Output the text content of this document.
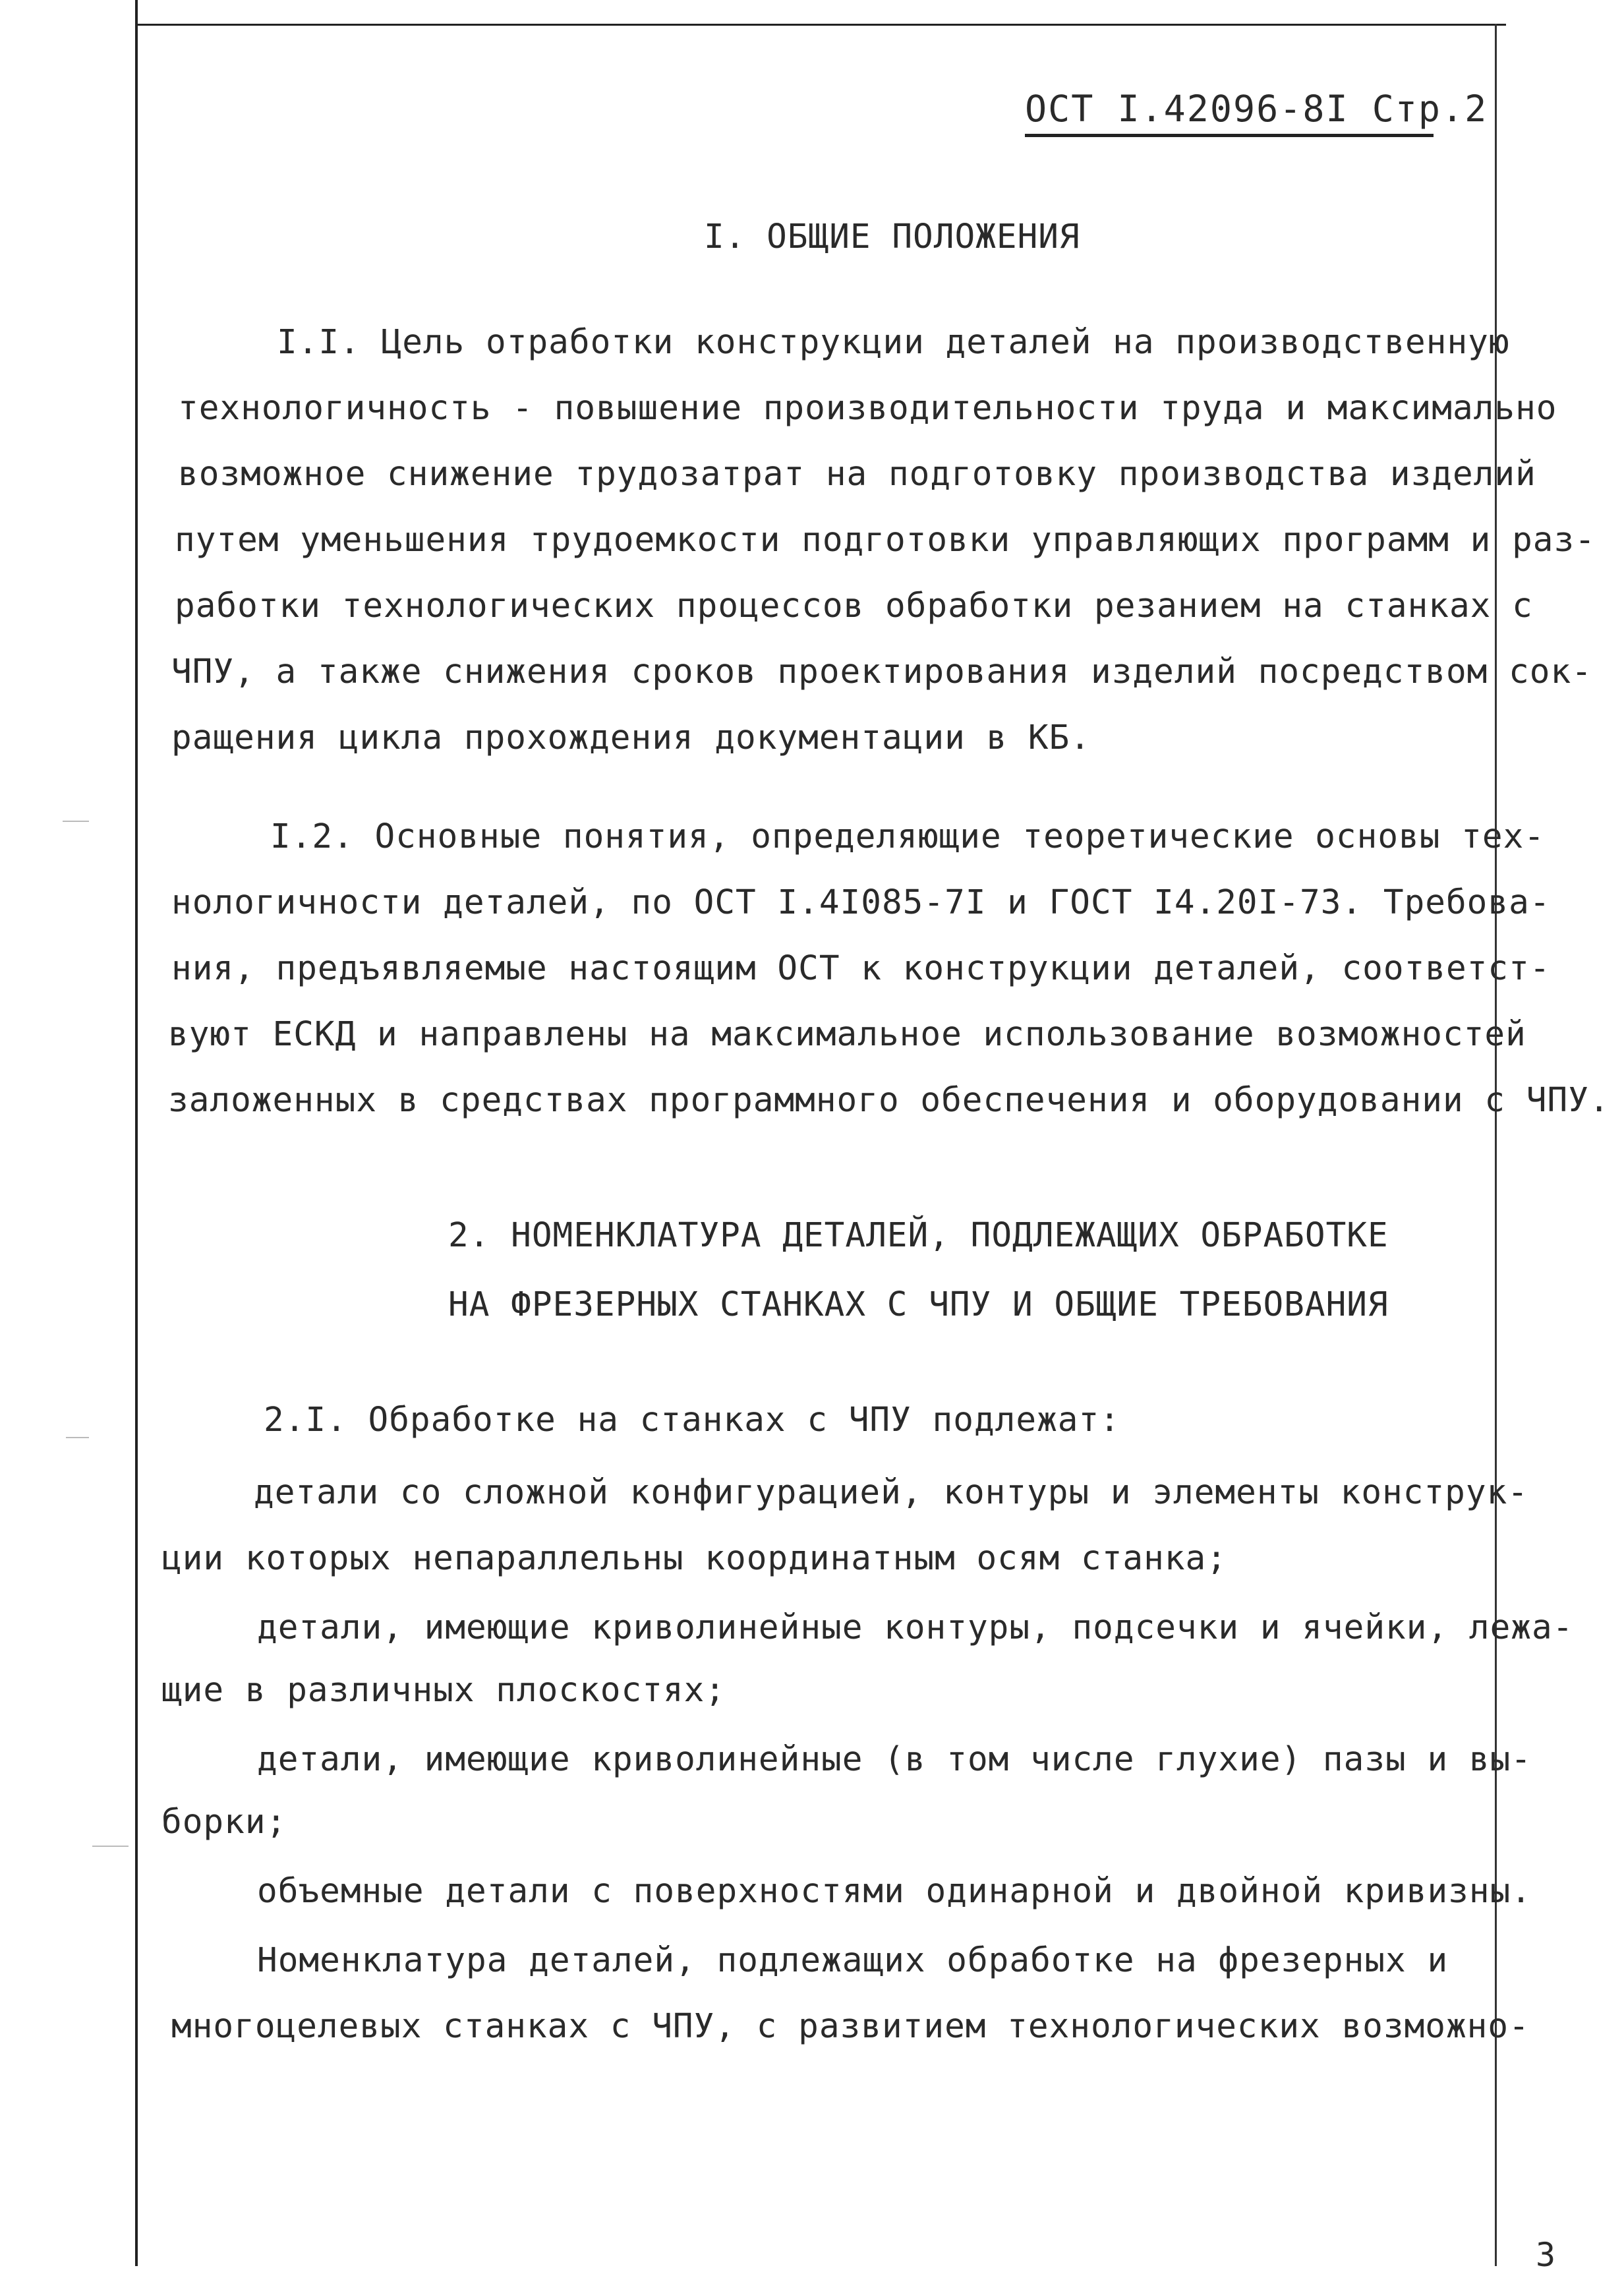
ОСТ I.42096-8I Стр.2
I. ОБЩИЕ ПОЛОЖЕНИЯ
I.I. Цель отработки конструкции деталей на производственную
технологичность - повышение производительности труда и максимально
возможное снижение трудозатрат на подготовку производства изделий
путем уменьшения трудоемкости подготовки управляющих программ и раз-
работки технологических процессов обработки резанием на станках с
ЧПУ, а также снижения сроков проектирования изделий посредством сок-
ращения цикла прохождения документации в КБ.
I.2. Основные понятия, определяющие теоретические основы тех-
нологичности деталей, по ОСТ I.4I085-7I и ГОСТ I4.20I-73. Требова-
ния, предъявляемые настоящим ОСТ к конструкции деталей, соответст-
вуют ЕСКД и направлены на максимальное использование возможностей
заложенных в средствах программного обеспечения и оборудовании с ЧПУ.
2. НОМЕНКЛАТУРА ДЕТАЛЕЙ, ПОДЛЕЖАЩИХ ОБРАБОТКЕ
НА ФРЕЗЕРНЫХ СТАНКАХ С ЧПУ И ОБЩИЕ ТРЕБОВАНИЯ
2.I. Обработке на станках с ЧПУ подлежат:
детали со сложной конфигурацией, контуры и элементы конструк-
ции которых непараллельны координатным осям станка;
детали, имеющие криволинейные контуры, подсечки и ячейки, лежа-
щие в различных плоскостях;
детали, имеющие криволинейные (в том числе глухие) пазы и вы-
борки;
объемные детали с поверхностями одинарной и двойной кривизны.
Номенклатура деталей, подлежащих обработке на фрезерных и
многоцелевых станках с ЧПУ, с развитием технологических возможно-
3
